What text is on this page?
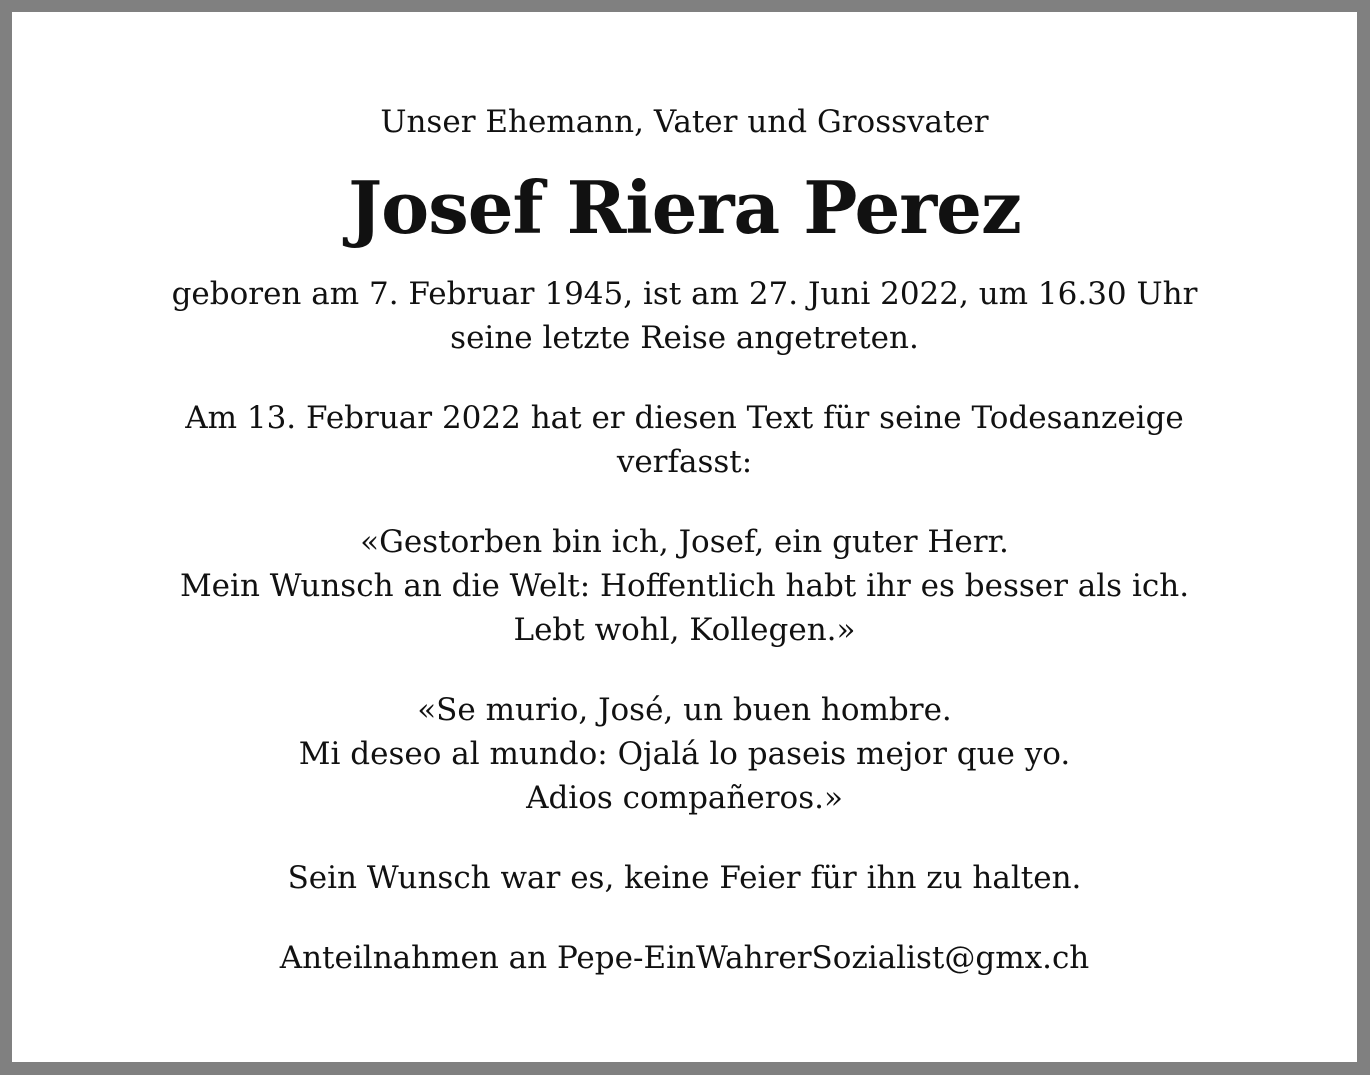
Unser Ehemann, Vater und Grossvater
Josef Riera Perez
geboren am 7. Februar 1945, ist am 27. Juni 2022, um 16.30 Uhr
seine letzte Reise angetreten.
Am 13. Februar 2022 hat er diesen Text für seine Todesanzeige
verfasst:
«Gestorben bin ich, Josef, ein guter Herr.
Mein Wunsch an die Welt: Hoffentlich habt ihr es besser als ich.
Lebt wohl, Kollegen.»
«Se murio, José, un buen hombre.
Mi deseo al mundo: Ojalá lo paseis mejor que yo.
Adios compañeros.»
Sein Wunsch war es, keine Feier für ihn zu halten.
Anteilnahmen an Pepe-EinWahrerSozialist@gmx.ch
